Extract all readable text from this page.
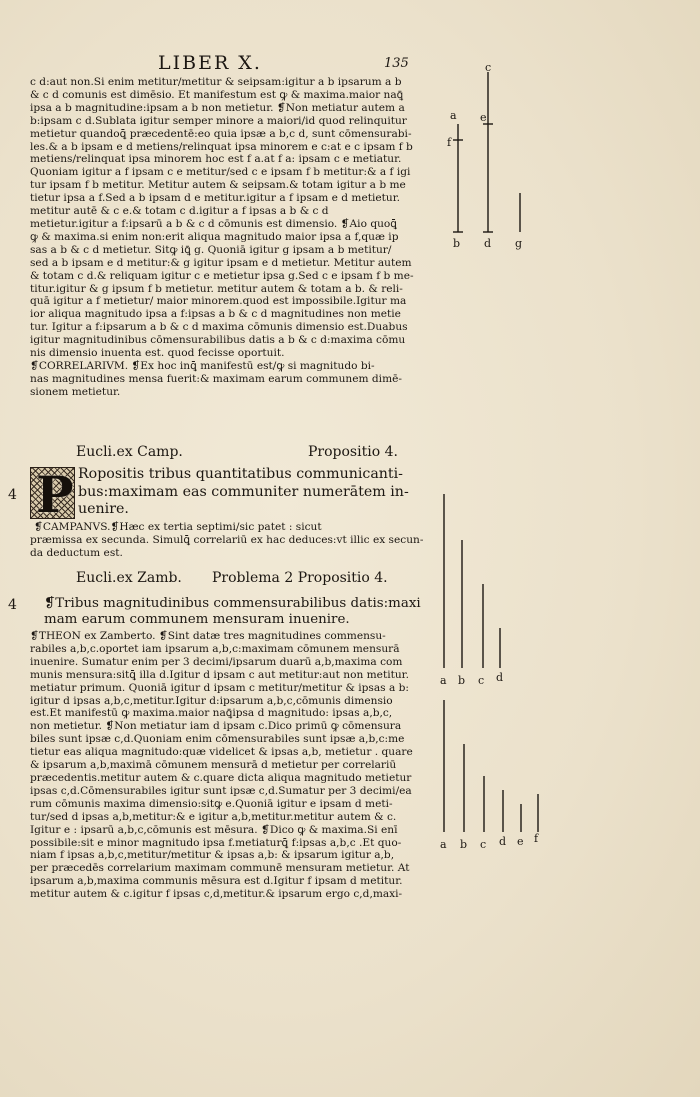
LIBER X.	135
c d:aut non.Si enim metitur/metitur & seipsam:igitur a b ipsarum a b
& c d comunis est dimēsio. Et manifestum est ꝙ & maxima.maior naꝗ̄
ipsa a b magnitudine:ipsam a b non metietur. ❡Non metiatur autem a
b:ipsam c d.Sublata igitur semper minore a maiori/id quod relinquitur
metietur quandoꝗ̄ præcedentē:eo quia ipsæ a b,c d, sunt cōmensurabi-
les.& a b ipsam e d metiens/relinquat ipsa minorem e c:at e c ipsam f b
metiens/relinquat ipsa minorem hoc est f a.at f a: ipsam c e metiatur.
Quoniam igitur a f ipsam c e metitur/sed c e ipsam f b metitur:& a f igi
tur ipsam f b metitur. Metitur autem & seipsam.& totam igitur a b me
tietur ipsa a f.Sed a b ipsam d e metitur.igitur a f ipsam e d metietur.
metitur autē & c e.& totam c d.igitur a f ipsas a b & c d
metietur.igitur a f:ipsarū a b & c d cōmunis est dimensio. ❡Aio quoꝗ̄
ꝙ & maxima.si enim non:erit aliqua magnitudo maior ipsa a f,quæ ip
sas a b & c d metietur. Sitꝙ iꝗ̄ g. Quoniā igitur g ipsam a b metitur/
sed a b ipsam e d metitur:& g igitur ipsam e d metietur. Metitur autem
& totam c d.& reliquam igitur c e metietur ipsa g.Sed c e ipsam f b me-
titur.igitur & g ipsum f b metietur. metitur autem & totam a b. & reli-
quā igitur a f metietur/ maior minorem.quod est impossibile.Igitur ma
ior aliqua magnitudo ipsa a f:ipsas a b & c d magnitudines non metie
tur. Igitur a f:ipsarum a b & c d maxima cōmunis dimensio est.Duabus
igitur magnitudinibus cōmensurabilibus datis a b & c d:maxima cōmu
nis dimensio inuenta est. quod fecisse oportuit.
❡CORRELARIVM. ❡Ex hoc inꝗ̄ manifestū est/ꝙ si magnitudo bi-
nas magnitudines mensa fuerit:& maximam earum communem dimē-
sionem metietur.
Eucli.ex Camp.	Propositio 4.
4 P Ropositis tribus quantitatibus communicanti-
bus:maximam eas communiter numerātem in-
uenire.
❡CAMPANVS.❡Hæc ex tertia septimi/sic patet : sicut
præmissa ex secunda. Simulꝗ̄ correlariū ex hac deduces:vt illic ex secun-
da deductum est.
Eucli.ex Zamb. Problema 2 Propositio 4.
4 ❡Tribus magnitudinibus commensurabilibus datis:maxi
mam earum communem mensuram inuenire.
❡THEON ex Zamberto. ❡Sint datæ tres magnitudines commensu-
rabiles a,b,c.oportet iam ipsarum a,b,c:maximam cōmunem mensurā
inuenire. Sumatur enim per 3 decimi/ipsarum duarū a,b,maxima com
munis mensura:sitꝗ̄ illa d.Igitur d ipsam c aut metitur:aut non metitur.
metiatur primum. Quoniā igitur d ipsam c metitur/metitur & ipsas a b:
igitur d ipsas a,b,c,metitur.Igitur d:ipsarum a,b,c,cōmunis dimensio
est.Et manifestū ꝙ maxima.maior naꝗ̄ipsa d magnitudo: ipsas a,b,c,
non metietur. ❡Non metiatur iam d ipsam c.Dico primū ꝙ cōmensura
biles sunt ipsæ c,d.Quoniam enim cōmensurabiles sunt ipsæ a,b,c:me
tietur eas aliqua magnitudo:quæ videlicet & ipsas a,b, metietur . quare
& ipsarum a,b,maximā cōmunem mensurā d metietur per correlariū
præcedentis.metitur autem & c.quare dicta aliqua magnitudo metietur
ipsas c,d.Cōmensurabiles igitur sunt ipsæ c,d.Sumatur per 3 decimi/ea
rum cōmunis maxima dimensio:sitꝙ e.Quoniā igitur e ipsam d meti-
tur/sed d ipsas a,b,metitur:& e igitur a,b,metitur.metitur autem & c.
Igitur e : ipsarū a,b,c,cōmunis est mēsura. ❡Dico ꝙ & maxima.Si enī
possibile:sit e minor magnitudo ipsa f.metiaturꝗ̄ f:ipsas a,b,c .Et quo-
niam f ipsas a,b,c,metitur/metitur & ipsas a,b: & ipsarum igitur a,b,
per præcedēs correlarium maximam communē mensuram metietur. At
ipsarum a,b,maxima communis mēsura est d.Igitur f ipsam d metitur.
metitur autem & c.igitur f ipsas c,d,metitur.& ipsarum ergo c,d,maxi-
c
a e
f
b d g
a b c d
a b c d e f
